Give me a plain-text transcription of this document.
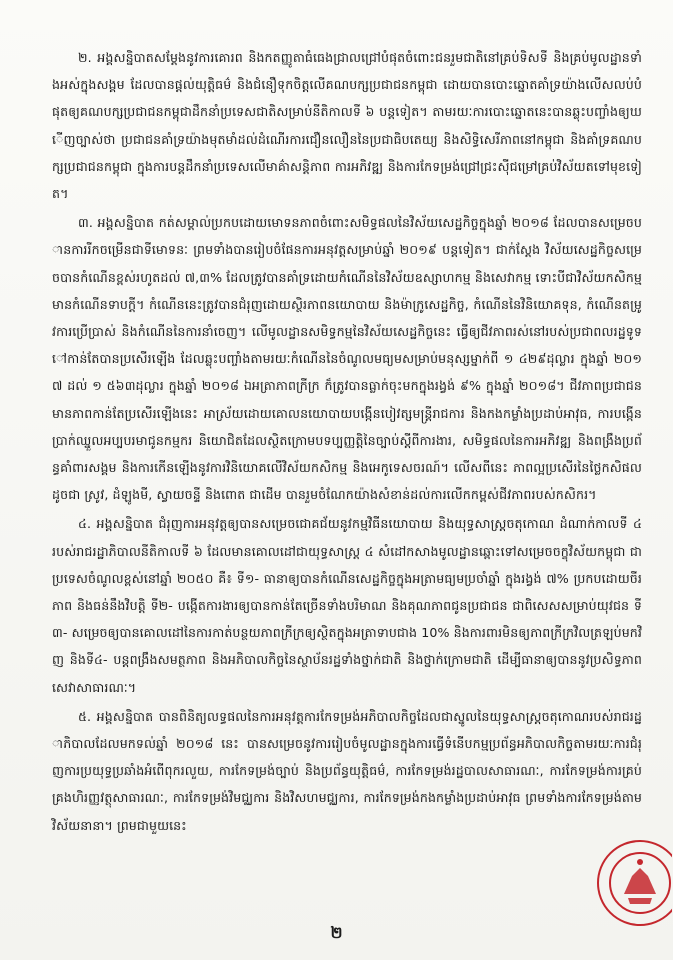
២. អង្គសន្និបាតសម្តែងនូវការគោរព និងកតញ្ញូតាធំធេងជ្រាលជ្រៅបំផុតចំពោះជនរួមជាតិនៅគ្រប់ទិសទី និងគ្រប់មូលដ្ឋានទាំងអស់ក្នុងសង្គម ដែលបានផ្តល់យុត្តិធម៌ និងជំនឿទុកចិត្តលើគណបក្សប្រជាជនកម្ពុជា ដោយបានបោះឆ្នោតគាំទ្រយ៉ាងលើសលប់បំផុតឲ្យគណបក្សប្រជាជនកម្ពុជាដឹកនាំប្រទេសជាតិសម្រាប់នីតិកាលទី ៦ បន្តទៀត។ តាមរយៈការបោះឆ្នោតនេះបានឆ្លុះបញ្ចាំងឲ្យឃើញច្បាស់ថា ប្រជាជនគាំទ្រយ៉ាងមុតមាំដល់ដំណើរការជឿនលឿននៃប្រជាធិបតេយ្យ និងសិទ្ធិសេរីភាពនៅកម្ពុជា និងគាំទ្រគណបក្សប្រជាជនកម្ពុជា ក្នុងការបន្តដឹកនាំប្រទេសលើមាគ៌ាសន្តិភាព ការអភិវឌ្ឍ និងការកែទម្រង់ជ្រៅជ្រះស៊ីជម្រៅគ្រប់វិស័យតទៅមុខទៀត។

៣. អង្គសន្និបាត កត់សម្គាល់ប្រកបដោយមោទនភាពចំពោះសមិទ្ធផលនៃវិស័យសេដ្ឋកិច្ចក្នុងឆ្នាំ ២០១៨ ដែលបានសម្រេចបានការរីកចម្រើនជាទីមោទនៈ ព្រមទាំងបានរៀបចំផែនការអនុវត្តសម្រាប់ឆ្នាំ ២០១៩ បន្តទៀត។ ជាក់ស្តែង វិស័យសេដ្ឋកិច្ចសម្រេចបានកំណើនខ្ពស់រហូតដល់ ៧,៣% ដែលត្រូវបានគាំទ្រដោយកំណើននៃវិស័យឧស្សាហកម្ម និងសេវាកម្ម ទោះបីជាវិស័យកសិកម្មមានកំណើនទាបក្តី។ កំណើននេះត្រូវបានជំរុញដោយស្ថិរភាពនយោបាយ និងម៉ាក្រូសេដ្ឋកិច្ច, កំណើននៃវិនិយោគទុន, កំណើនតម្រូវការប្រើប្រាស់ និងកំណើននៃការនាំចេញ។ លើមូលដ្ឋានសមិទ្ធកម្មនៃវិស័យសេដ្ឋកិច្ចនេះ ធ្វើឲ្យជីវភាពរស់នៅរបស់ប្រជាពលរដ្ឋទូទៅកាន់តែបានប្រសើរឡើង ដែលឆ្លុះបញ្ចាំងតាមរយៈកំណើននៃចំណូលមធ្យមសម្រាប់មនុស្សម្នាក់ពី ១ ៤២៩ដុល្លារ ក្នុងឆ្នាំ ២០១៧ ដល់ ១ ៥៦៣ដុល្លារ ក្នុងឆ្នាំ ២០១៨ ឯអត្រាភាពក្រីក្រ ក៏ត្រូវបានធ្លាក់ចុះមកក្នុងរង្វង់ ៩% ក្នុងឆ្នាំ ២០១៨។ ជីវភាពប្រជាជនមានភាពកាន់តែប្រសើរឡើងនេះ អាស្រ័យដោយគោលនយោបាយបង្កើនបៀវត្សមន្ត្រីរាជការ និងកងកម្លាំងប្រដាប់អាវុធ, ការបង្កើនប្រាក់ឈ្នួលអប្បបរមាជូនកម្មករ និយោជិតដែលស្ថិតក្រោមបទប្បញ្ញត្តិនៃច្បាប់ស្តីពីការងារ, សមិទ្ធផលនៃការអភិវឌ្ឍ និងពង្រឹងប្រព័ន្ធគាំពារសង្គម និងការកើនឡើងនូវការវិនិយោគលើវិស័យកសិកម្ម និងអេកូទេសចរណ៍។ លើសពីនេះ ភាពល្អប្រសើរនៃថ្លៃកសិផល ដូចជា ស្រូវ, ដំឡូងមី, ស្វាយចន្ទី និងពោត ជាដើម បានរួមចំណែកយ៉ាងសំខាន់ដល់ការលើកកម្ពស់ជីវភាពរបស់កសិករ។

៤. អង្គសន្និបាត ជំរុញការអនុវត្តឲ្យបានសម្រេចជោគជ័យនូវកម្មវិធីនយោបាយ និងយុទ្ធសាស្ត្រចតុកោណ ដំណាក់កាលទី ៤ របស់រាជរដ្ឋាភិបាលនីតិកាលទី ៦ ដែលមានគោលដៅជាយុទ្ធសាស្ត្រ ៤ សំដៅកសាងមូលដ្ឋានឆ្ពោះទៅសម្រេចចក្ខុវិស័យកម្ពុជា ជាប្រទេសចំណូលខ្ពស់នៅឆ្នាំ ២០៥០ គឺ៖ ទី១- ធានាឲ្យបានកំណើនសេដ្ឋកិច្ចក្នុងអត្រាមធ្យមប្រចាំឆ្នាំ ក្នុងរង្វង់ ៧% ប្រកបដោយចីរភាព និងធន់នឹងវិបត្តិ ទី២- បង្កើតការងារឲ្យបានកាន់តែច្រើនទាំងបរិមាណ និងគុណភាពជូនប្រជាជន ជាពិសេសសម្រាប់យុវជន ទី៣- សម្រេចឲ្យបានគោលដៅនៃការកាត់បន្ថយភាពក្រីក្រឲ្យស្ថិតក្នុងអត្រាទាបជាង 10% និងការពារមិនឲ្យភាពក្រីក្រវិលត្រឡប់មកវិញ និងទី៤- បន្តពង្រឹងសមត្ថភាព និងអភិបាលកិច្ចនៃស្ថាប័នរដ្ឋទាំងថ្នាក់ជាតិ និងថ្នាក់ក្រោមជាតិ ដើម្បីធានាឲ្យបាននូវប្រសិទ្ធភាពសេវាសាធារណៈ។

៥. អង្គសន្និបាត បានពិនិត្យលទ្ធផលនៃការអនុវត្តការកែទម្រង់អភិបាលកិច្ចដែលជាស្នូលនៃយុទ្ធសាស្ត្រចតុកោណរបស់រាជរដ្ឋាភិបាលដែលមកទល់ឆ្នាំ ២០១៨ នេះ បានសម្រេចនូវការរៀបចំមូលដ្ឋានក្នុងការធ្វើទំនើបកម្មប្រព័ន្ធអភិបាលកិច្ចតាមរយៈការជំរុញការប្រយុទ្ធប្រឆាំងអំពើពុករលួយ, ការកែទម្រង់ច្បាប់ និងប្រព័ន្ធយុត្តិធម៌, ការកែទម្រង់រដ្ឋបាលសាធារណៈ, ការកែទម្រង់ការគ្រប់គ្រងហិរញ្ញវត្ថុសាធារណៈ, ការកែទម្រង់វិមជ្ឈការ និងវិសហមជ្ឈការ, ការកែទម្រង់កងកម្លាំងប្រដាប់អាវុធ ព្រមទាំងការកែទម្រង់តាមវិស័យនានា។ ព្រមជាមួយនេះ

២
